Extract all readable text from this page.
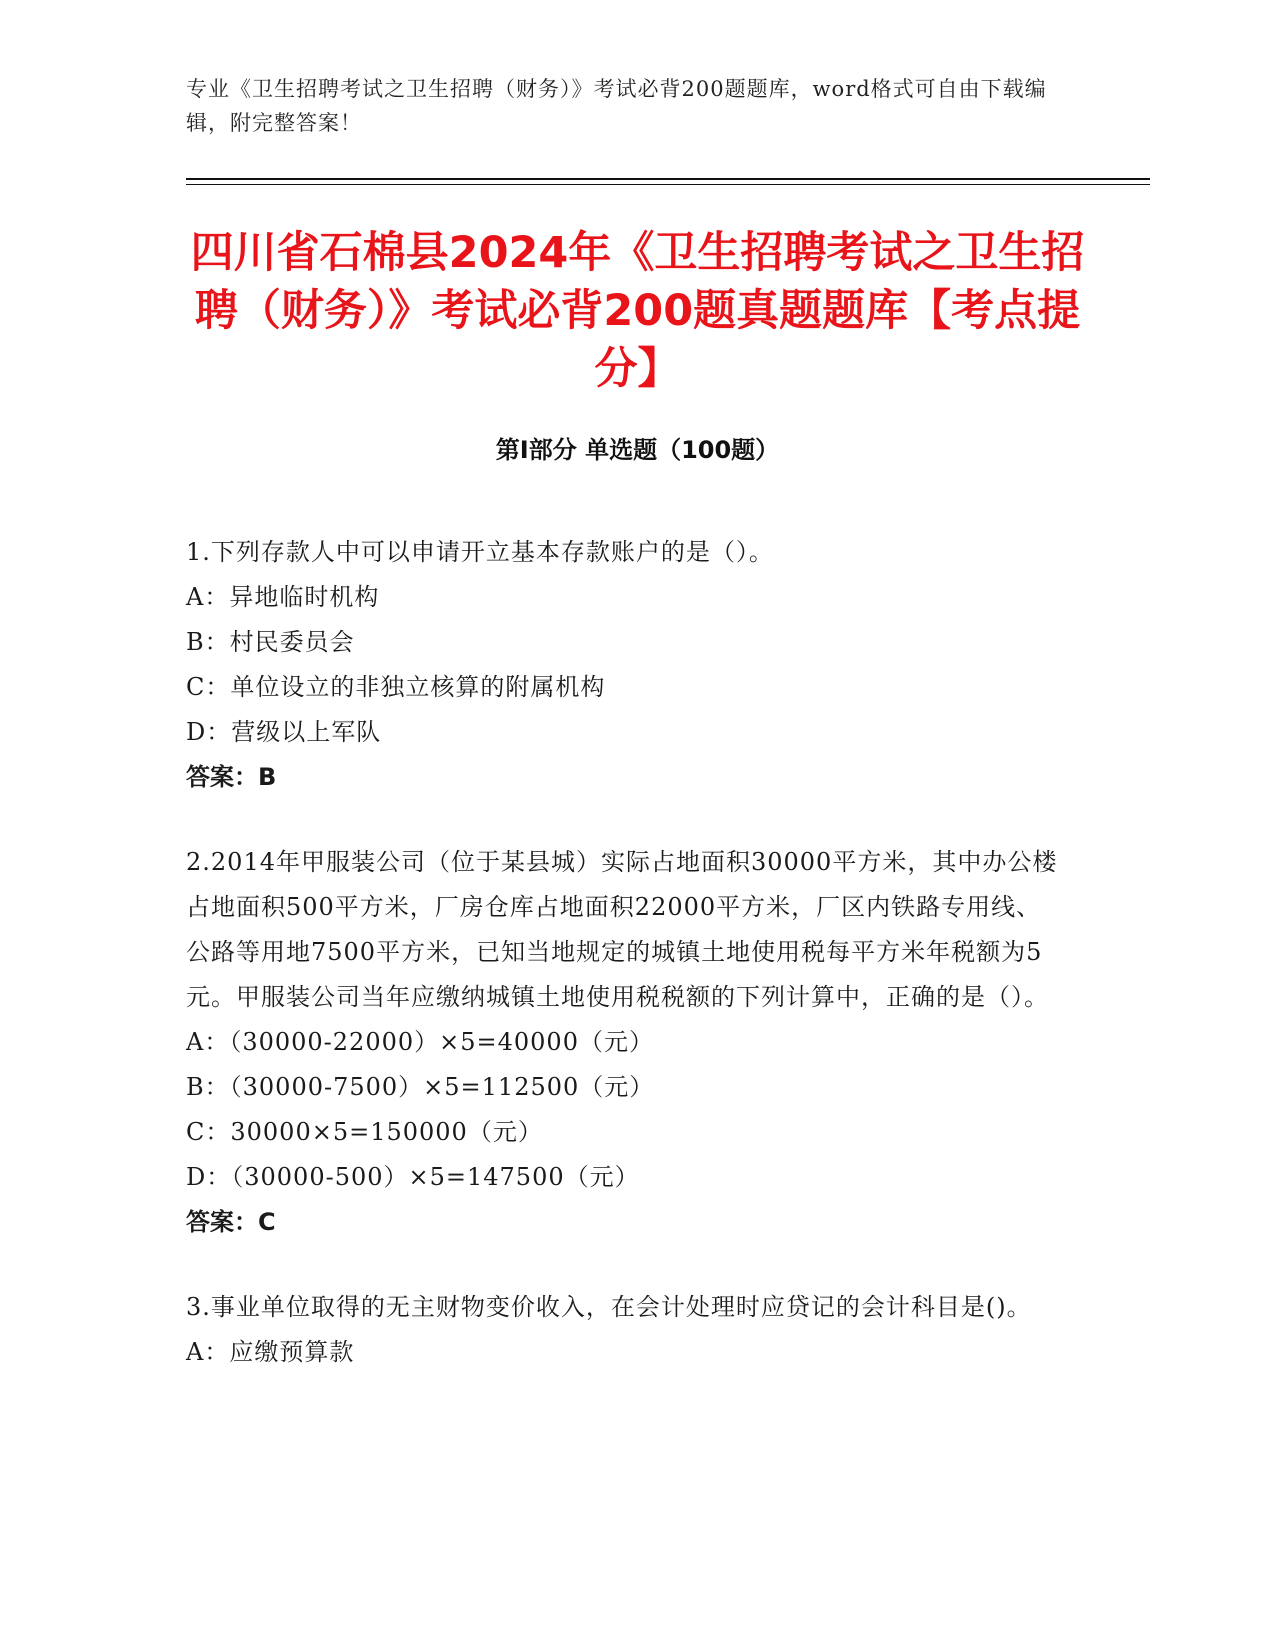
专业《卫生招聘考试之卫生招聘（财务）》考试必背200题题库，word格式可自由下载编辑，附完整答案！
四川省石棉县2024年《卫生招聘考试之卫生招聘（财务）》考试必背200题真题题库【考点提分】
第Ⅰ部分 单选题（100题）

1.下列存款人中可以申请开立基本存款账户的是（）。

A：异地临时机构

B：村民委员会

C：单位设立的非独立核算的附属机构

D：营级以上军队

答案：B

2.2014年甲服装公司（位于某县城）实际占地面积30000平方米，其中办公楼占地面积500平方米，厂房仓库占地面积22000平方米，厂区内铁路专用线、公路等用地7500平方米，已知当地规定的城镇土地使用税每平方米年税额为5元。甲服装公司当年应缴纳城镇土地使用税税额的下列计算中，正确的是（）。

A：（30000-22000）×5=40000（元）

B：（30000-7500）×5=112500（元）

C：30000×5=150000（元）

D：（30000-500）×5=147500（元）

答案：C

3.事业单位取得的无主财物变价收入，在会计处理时应贷记的会计科目是()。

A：应缴预算款
